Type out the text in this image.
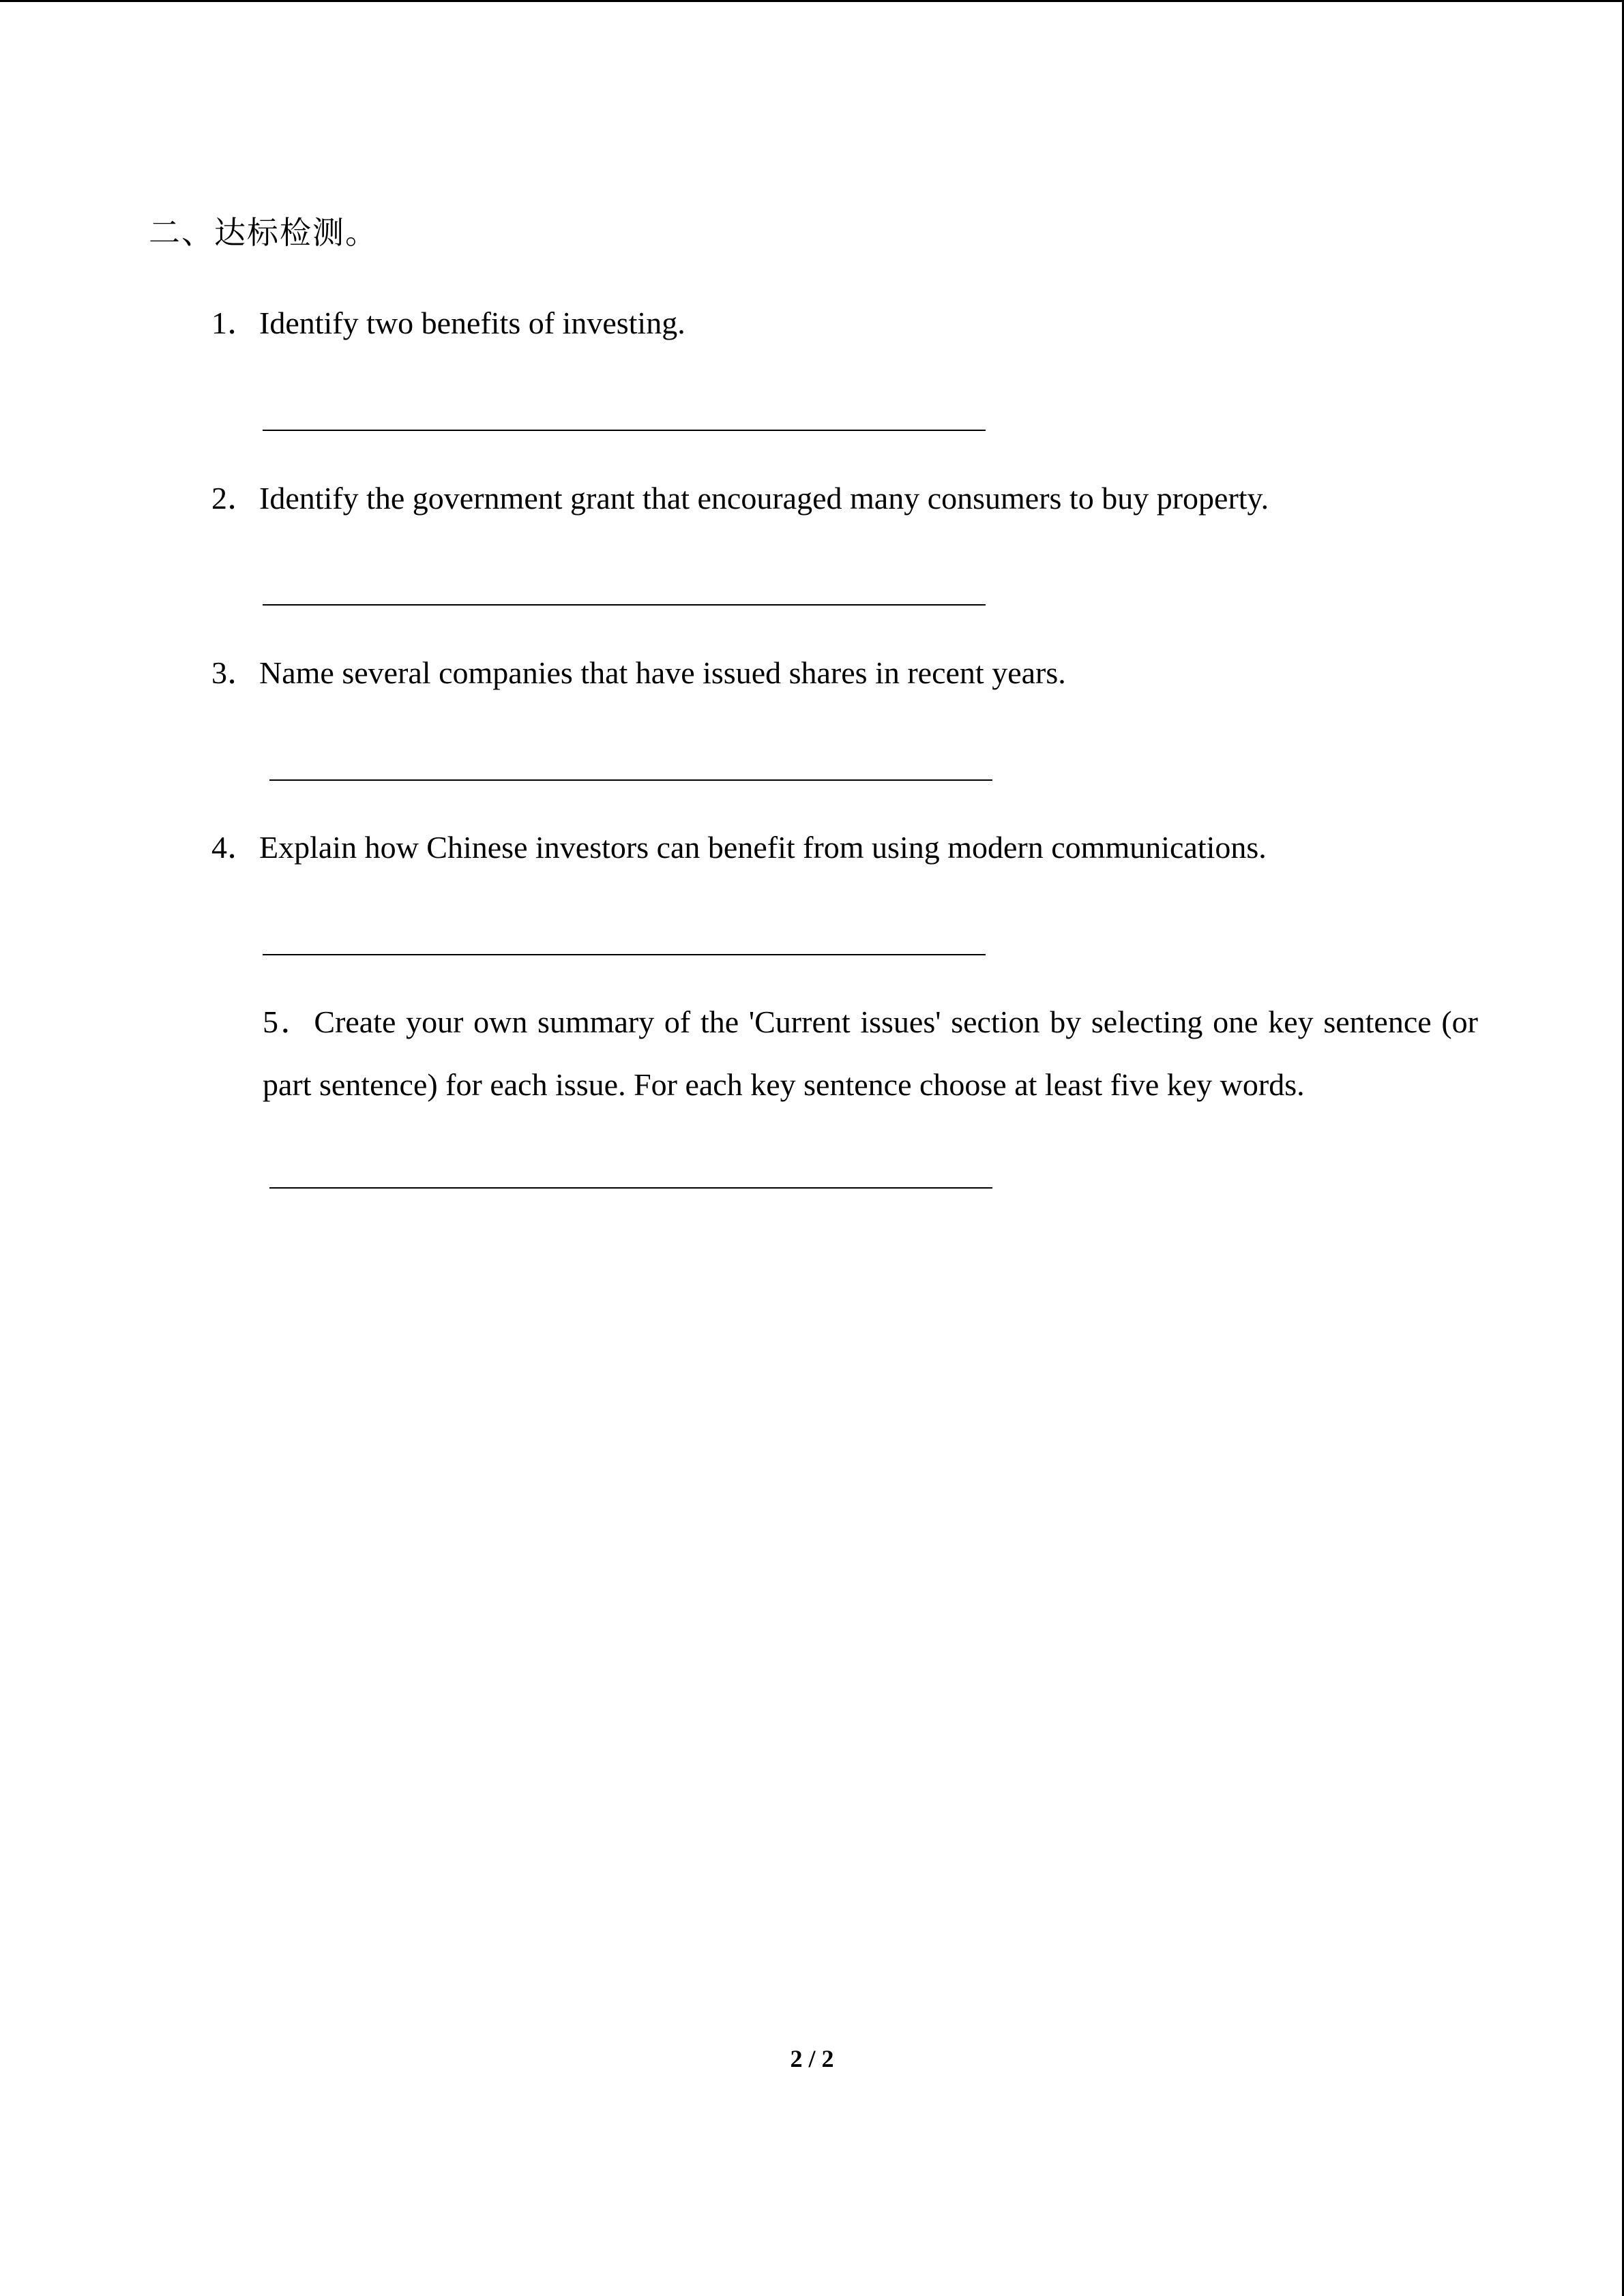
二、达标检测。
1．Identify two benefits of investing.
2．Identify the government grant that encouraged many consumers to buy property.
3．Name several companies that have issued shares in recent years.
4．Explain how Chinese investors can benefit from using modern communications.
5．Create your own summary of the 'Current issues' section by selecting one key sentence (or part sentence) for each issue. For each key sentence choose at least five key words.
2 / 2
